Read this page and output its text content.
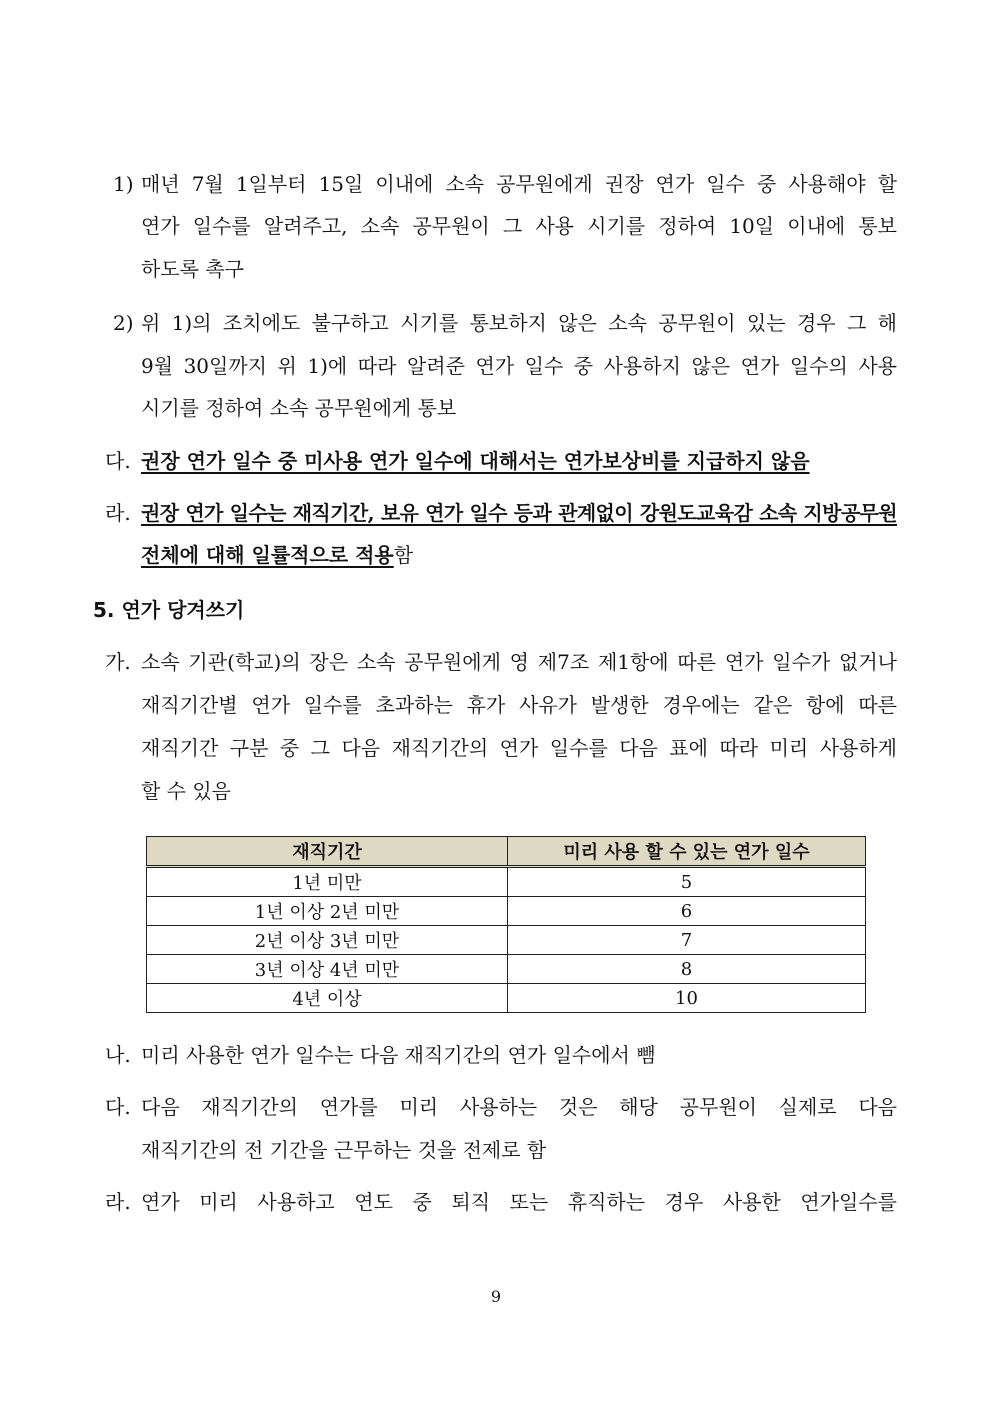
1) 매년 7월 1일부터 15일 이내에 소속 공무원에게 권장 연가 일수 중 사용해야 할
연가 일수를 알려주고, 소속 공무원이 그 사용 시기를 정하여 10일 이내에 통보
하도록 촉구
2) 위 1)의 조치에도 불구하고 시기를 통보하지 않은 소속 공무원이 있는 경우 그 해
9월 30일까지 위 1)에 따라 알려준 연가 일수 중 사용하지 않은 연가 일수의 사용
시기를 정하여 소속 공무원에게 통보
다. 권장 연가 일수 중 미사용 연가 일수에 대해서는 연가보상비를 지급하지 않음
라. 권장 연가 일수는 재직기간, 보유 연가 일수 등과 관계없이 강원도교육감 소속 지방공무원
전체에 대해 일률적으로 적용함
5. 연가 당겨쓰기
가. 소속 기관(학교)의 장은 소속 공무원에게 영 제7조 제1항에 따른 연가 일수가 없거나
재직기간별 연가 일수를 초과하는 휴가 사유가 발생한 경우에는 같은 항에 따른
재직기간 구분 중 그 다음 재직기간의 연가 일수를 다음 표에 따라 미리 사용하게
할 수 있음
재직기간	미리 사용 할 수 있는 연가 일수
1년 미만	5
1년 이상 2년 미만	6
2년 이상 3년 미만	7
3년 이상 4년 미만	8
4년 이상	10
나. 미리 사용한 연가 일수는 다음 재직기간의 연가 일수에서 뺌
다. 다음 재직기간의 연가를 미리 사용하는 것은 해당 공무원이 실제로 다음
재직기간의 전 기간을 근무하는 것을 전제로 함
라. 연가 미리 사용하고 연도 중 퇴직 또는 휴직하는 경우 사용한 연가일수를
9
